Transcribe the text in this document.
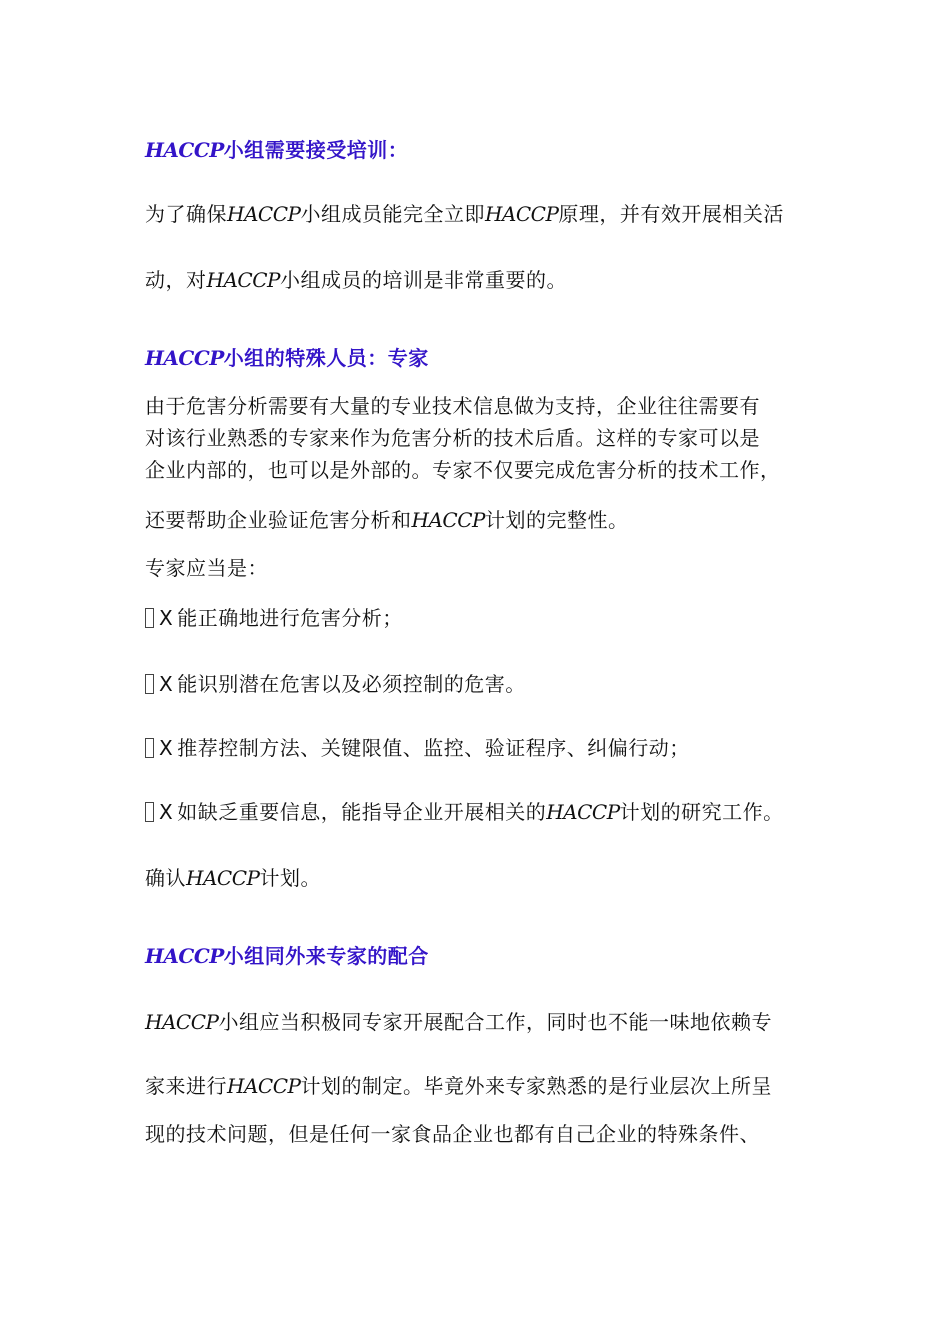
HACCP小组需要接受培训：
为了确保HACCP小组成员能完全立即HACCP原理，并有效开展相关活
动，对HACCP小组成员的培训是非常重要的。
HACCP小组的特殊人员：专家
由于危害分析需要有大量的专业技术信息做为支持，企业往往需要有
对该行业熟悉的专家来作为危害分析的技术后盾。这样的专家可以是
企业内部的，也可以是外部的。专家不仅要完成危害分析的技术工作，
还要帮助企业验证危害分析和HACCP计划的完整性。
专家应当是：
X 能正确地进行危害分析；
X 能识别潜在危害以及必须控制的危害。
X 推荐控制方法、关键限值、监控、验证程序、纠偏行动；
X 如缺乏重要信息，能指导企业开展相关的HACCP计划的研究工作。
确认HACCP计划。
HACCP小组同外来专家的配合
HACCP小组应当积极同专家开展配合工作，同时也不能一味地依赖专
家来进行HACCP计划的制定。毕竟外来专家熟悉的是行业层次上所呈
现的技术问题，但是任何一家食品企业也都有自己企业的特殊条件、
